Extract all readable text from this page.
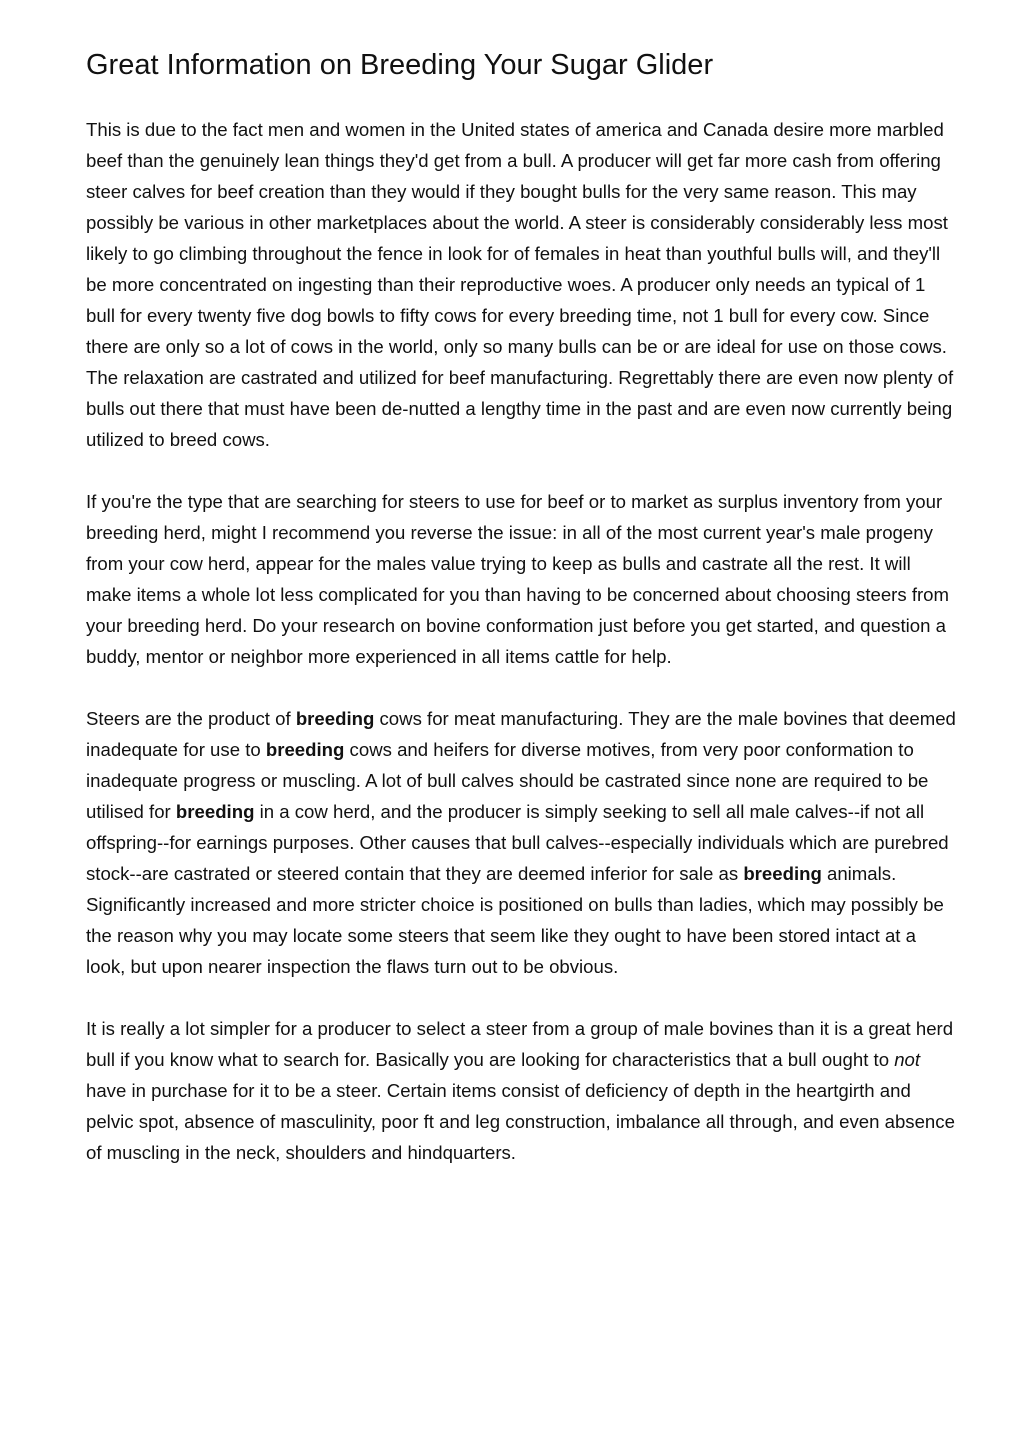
Great Information on Breeding Your Sugar Glider

This is due to the fact men and women in the United states of america and Canada desire more marbled beef than the genuinely lean things they'd get from a bull. A producer will get far more cash from offering steer calves for beef creation than they would if they bought bulls for the very same reason. This may possibly be various in other marketplaces about the world. A steer is considerably considerably less most likely to go climbing throughout the fence in look for of females in heat than youthful bulls will, and they'll be more concentrated on ingesting than their reproductive woes. A producer only needs an typical of 1 bull for every twenty five dog bowls to fifty cows for every breeding time, not 1 bull for every cow. Since there are only so a lot of cows in the world, only so many bulls can be or are ideal for use on those cows. The relaxation are castrated and utilized for beef manufacturing. Regrettably there are even now plenty of bulls out there that must have been de-nutted a lengthy time in the past and are even now currently being utilized to breed cows.

If you're the type that are searching for steers to use for beef or to market as surplus inventory from your breeding herd, might I recommend you reverse the issue: in all of the most current year's male progeny from your cow herd, appear for the males value trying to keep as bulls and castrate all the rest. It will make items a whole lot less complicated for you than having to be concerned about choosing steers from your breeding herd. Do your research on bovine conformation just before you get started, and question a buddy, mentor or neighbor more experienced in all items cattle for help.

Steers are the product of breeding cows for meat manufacturing. They are the male bovines that deemed inadequate for use to breeding cows and heifers for diverse motives, from very poor conformation to inadequate progress or muscling. A lot of bull calves should be castrated since none are required to be utilised for breeding in a cow herd, and the producer is simply seeking to sell all male calves--if not all offspring--for earnings purposes. Other causes that bull calves--especially individuals which are purebred stock--are castrated or steered contain that they are deemed inferior for sale as breeding animals. Significantly increased and more stricter choice is positioned on bulls than ladies, which may possibly be the reason why you may locate some steers that seem like they ought to have been stored intact at a look, but upon nearer inspection the flaws turn out to be obvious.

It is really a lot simpler for a producer to select a steer from a group of male bovines than it is a great herd bull if you know what to search for. Basically you are looking for characteristics that a bull ought to not have in purchase for it to be a steer. Certain items consist of deficiency of depth in the heartgirth and pelvic spot, absence of masculinity, poor ft and leg construction, imbalance all through, and even absence of muscling in the neck, shoulders and hindquarters.
